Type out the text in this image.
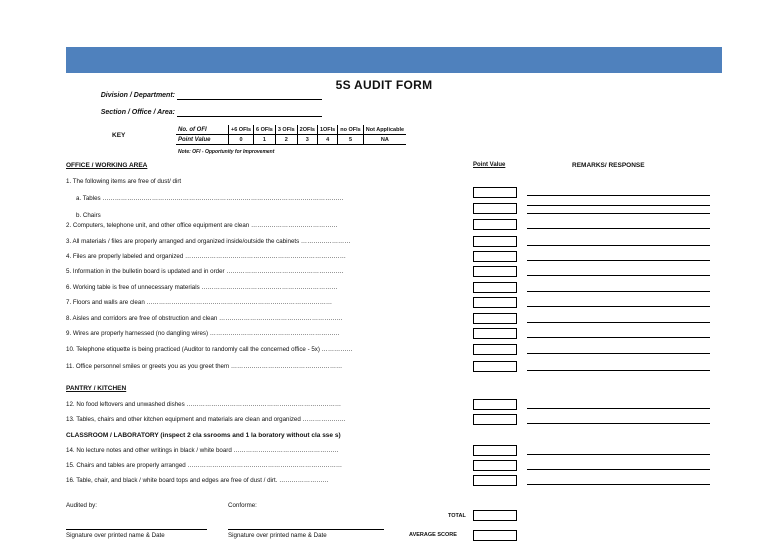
5S AUDIT FORM
Division / Department:
Section / Office / Area:
KEY
No. of OFI	+6 OFIs	6 OFIs	3 OFIs	2OFIs	1OFIs	no OFIs	Not Applicable
Point Value	0	1	2	3	4	5	NA
Note: OFI - Opportunity for Improvement
OFFICE / WORKING AREA	Point Value	REMARKS/ RESPONSE
1. The following items are free of dust/ dirt
a. Tables ………………………………………………………………………………………………………
b. Chairs
2. Computers, telephone unit, and other office equipment are clean ……………………………………
3. All materials / files are properly arranged and organized inside/outside the cabinets ……………………
4. Files are properly labeled and organized ……………………………………………………………………
5. Information in the bulletin board is updated and in order …………………………………………………
6. Working table is free of unnecessary materials …………………………………………………………
7. Floors and walls are clean ………………………………………………………………………………
8. Aisles and corridors are free of obstruction and clean ……………………………………………………
9. Wires are properly harnessed (no dangling wires) ………………………………………………………
10. Telephone etiquette is being practiced (Auditor to randomly call the concerned office - 5x) ……………
11. Office personnel smiles or greets you as you greet them ………………………………………………
PANTRY / KITCHEN
12. No food leftovers and unwashed dishes …………………………………………………………………
13. Tables, chairs and other kitchen equipment and materials are clean and organized …………………
CLASSROOM / LABORATORY (inspect 2 cla ssrooms and 1 la boratory without cla sse s)
14. No lecture notes and other writings in black / white board ……………………………………………
15. Chairs and tables are properly arranged …………………………………………………………………
16. Table, chair, and black / white board tops and edges are free of dust / dirt. ……………………
Audited by:	Conforme:
Signature over printed name & Date	Signature over printed name & Date
TOTAL
AVERAGE SCORE
